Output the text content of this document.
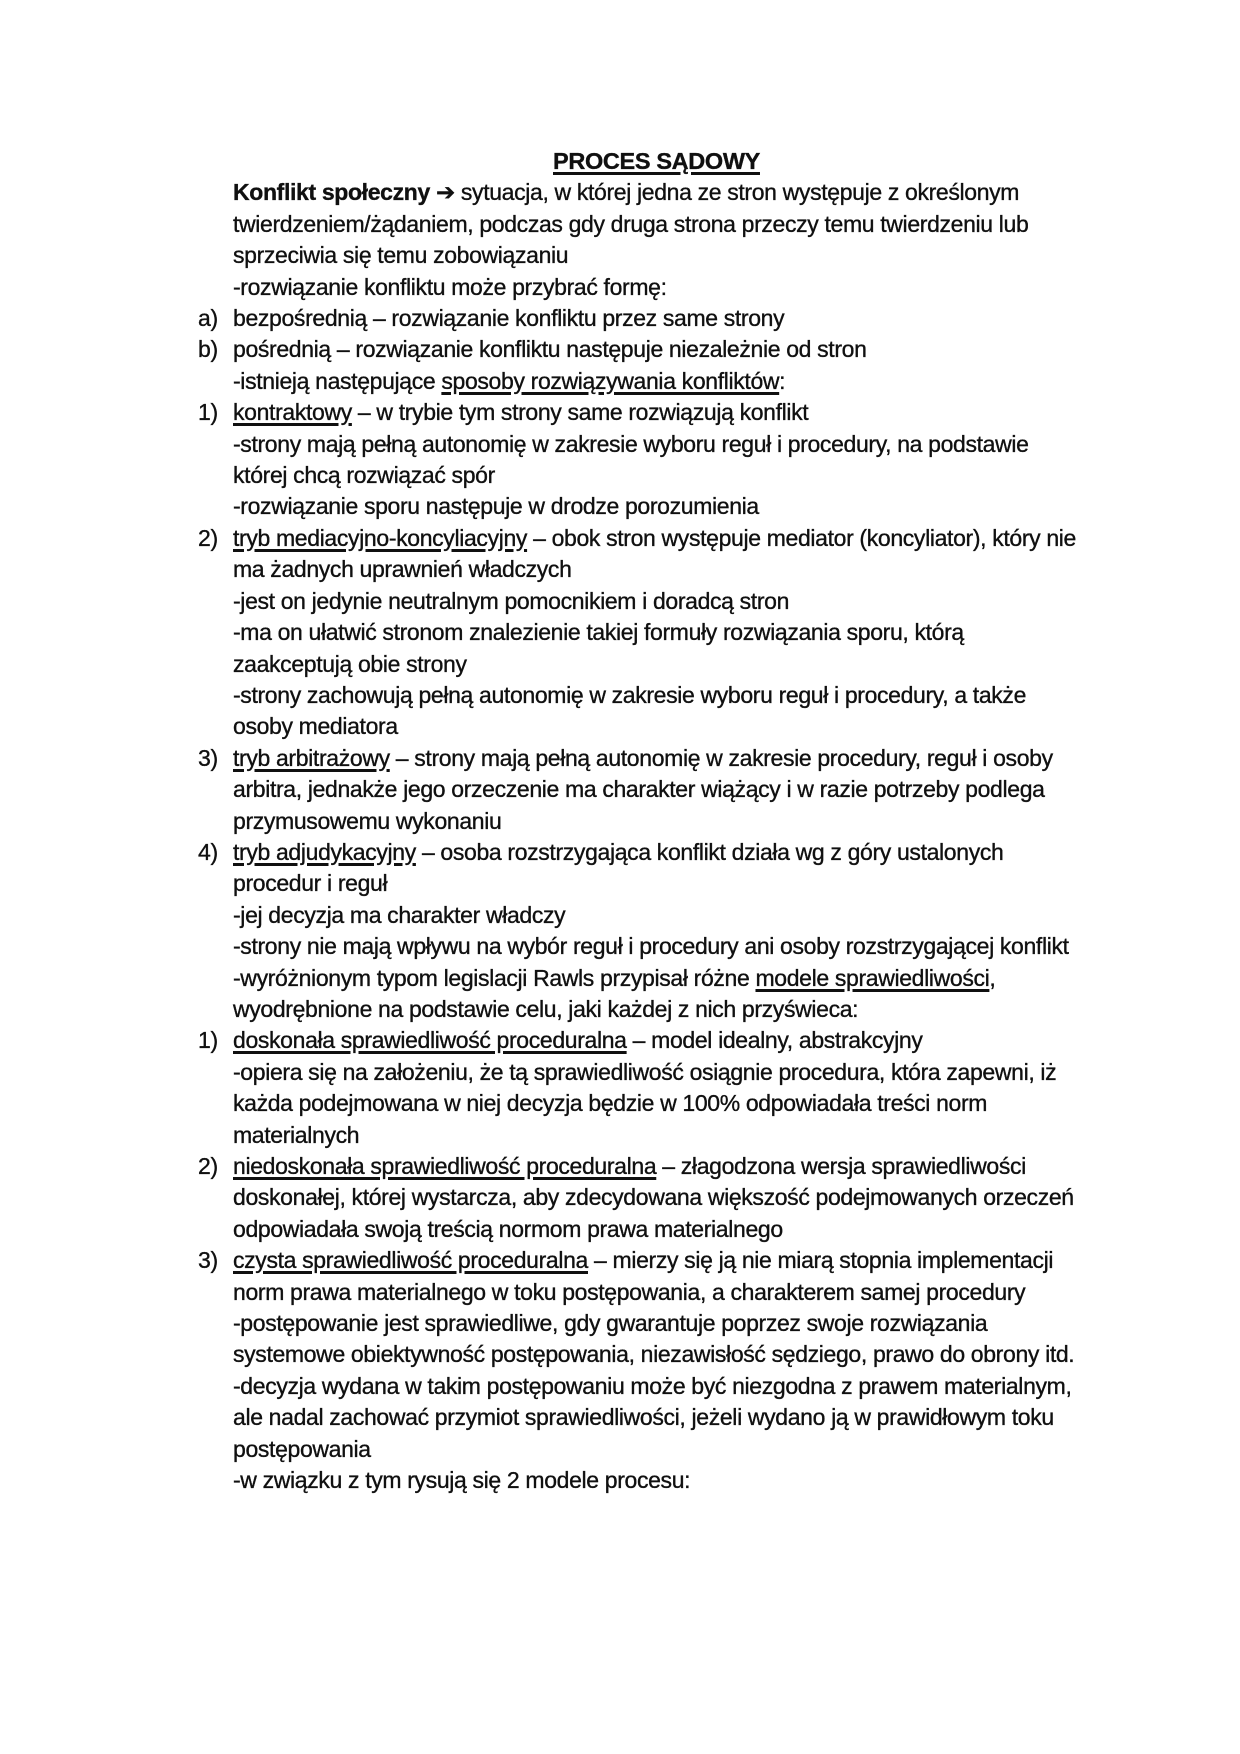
PROCES SĄDOWY
Konflikt społeczny ➔ sytuacja, w której jedna ze stron występuje z określonym twierdzeniem/żądaniem, podczas gdy druga strona przeczy temu twierdzeniu lub sprzeciwia się temu zobowiązaniu
-rozwiązanie konfliktu może przybrać formę:
a) bezpośrednią – rozwiązanie konfliktu przez same strony
b) pośrednią – rozwiązanie konfliktu następuje niezależnie od stron
-istnieją następujące sposoby rozwiązywania konfliktów:
1) kontraktowy – w trybie tym strony same rozwiązują konflikt
-strony mają pełną autonomię w zakresie wyboru reguł i procedury, na podstawie której chcą rozwiązać spór
-rozwiązanie sporu następuje w drodze porozumienia
2) tryb mediacyjno-koncyliacyjny – obok stron występuje mediator (koncyliator), który nie ma żadnych uprawnień władczych
-jest on jedynie neutralnym pomocnikiem i doradcą stron
-ma on ułatwić stronom znalezienie takiej formuły rozwiązania sporu, którą zaakceptują obie strony
-strony zachowują pełną autonomię w zakresie wyboru reguł i procedury, a także osoby mediatora
3) tryb arbitrażowy – strony mają pełną autonomię w zakresie procedury, reguł i osoby arbitra, jednakże jego orzeczenie ma charakter wiążący i w razie potrzeby podlega przymusowemu wykonaniu
4) tryb adjudykacyjny – osoba rozstrzygająca konflikt działa wg z góry ustalonych procedur i reguł
-jej decyzja ma charakter władczy
-strony nie mają wpływu na wybór reguł i procedury ani osoby rozstrzygającej konflikt
-wyróżnionym typom legislacji Rawls przypisał różne modele sprawiedliwości, wyodrębnione na podstawie celu, jaki każdej z nich przyświeca:
1) doskonała sprawiedliwość proceduralna – model idealny, abstrakcyjny
-opiera się na założeniu, że tą sprawiedliwość osiągnie procedura, która zapewni, iż każda podejmowana w niej decyzja będzie w 100% odpowiadała treści norm materialnych
2) niedoskonała sprawiedliwość proceduralna – złagodzona wersja sprawiedliwości doskonałej, której wystarcza, aby zdecydowana większość podejmowanych orzeczeń odpowiadała swoją treścią normom prawa materialnego
3) czysta sprawiedliwość proceduralna – mierzy się ją nie miarą stopnia implementacji norm prawa materialnego w toku postępowania, a charakterem samej procedury
-postępowanie jest sprawiedliwe, gdy gwarantuje poprzez swoje rozwiązania systemowe obiektywność postępowania, niezawisłość sędziego, prawo do obrony itd.
-decyzja wydana w takim postępowaniu może być niezgodna z prawem materialnym, ale nadal zachować przymiot sprawiedliwości, jeżeli wydano ją w prawidłowym toku postępowania
-w związku z tym rysują się 2 modele procesu:
